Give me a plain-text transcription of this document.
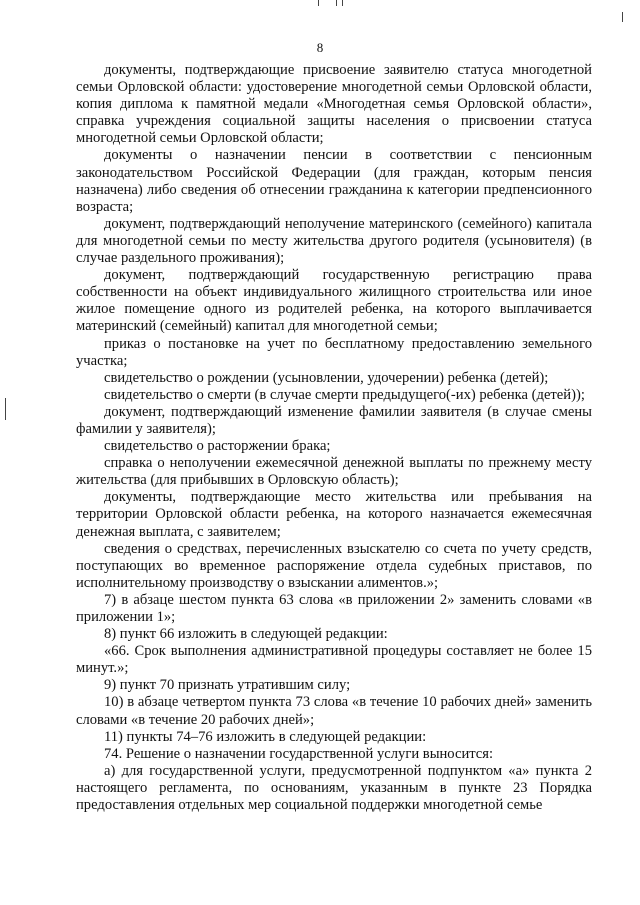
8

документы, подтверждающие присвоение заявителю статуса многодетной семьи Орловской области: удостоверение многодетной семьи Орловской области, копия диплома к памятной медали «Многодетная семья Орловской области», справка учреждения социальной защиты населения о присвоении статуса многодетной семьи Орловской области;

документы о назначении пенсии в соответствии с пенсионным законодательством Российской Федерации (для граждан, которым пенсия назначена) либо сведения об отнесении гражданина к категории предпенсионного возраста;

документ, подтверждающий неполучение материнского (семейного) капитала для многодетной семьи по месту жительства другого родителя (усыновителя) (в случае раздельного проживания);

документ, подтверждающий государственную регистрацию права собственности на объект индивидуального жилищного строительства или иное жилое помещение одного из родителей ребенка, на которого выплачивается материнский (семейный) капитал для многодетной семьи;

приказ о постановке на учет по бесплатному предоставлению земельного участка;

свидетельство о рождении (усыновлении, удочерении) ребенка (детей);

свидетельство о смерти (в случае смерти предыдущего(-их) ребенка (детей));

документ, подтверждающий изменение фамилии заявителя (в случае смены фамилии у заявителя);

свидетельство о расторжении брака;

справка о неполучении ежемесячной денежной выплаты по прежнему месту жительства (для прибывших в Орловскую область);

документы, подтверждающие место жительства или пребывания на территории Орловской области ребенка, на которого назначается ежемесячная денежная выплата, с заявителем;

сведения о средствах, перечисленных взыскателю со счета по учету средств, поступающих во временное распоряжение отдела судебных приставов, по исполнительному производству о взыскании алиментов.»;

7) в абзаце шестом пункта 63 слова «в приложении 2» заменить словами «в приложении 1»;

8) пункт 66 изложить в следующей редакции:

«66. Срок выполнения административной процедуры составляет не более 15 минут.»;

9) пункт 70 признать утратившим силу;

10) в абзаце четвертом пункта 73 слова «в течение 10 рабочих дней» заменить словами «в течение 20 рабочих дней»;

11) пункты 74–76 изложить в следующей редакции:

74. Решение о назначении государственной услуги выносится:

а) для государственной услуги, предусмотренной подпунктом «а» пункта 2 настоящего регламента, по основаниям, указанным в пункте 23 Порядка предоставления отдельных мер социальной поддержки многодетной семье
